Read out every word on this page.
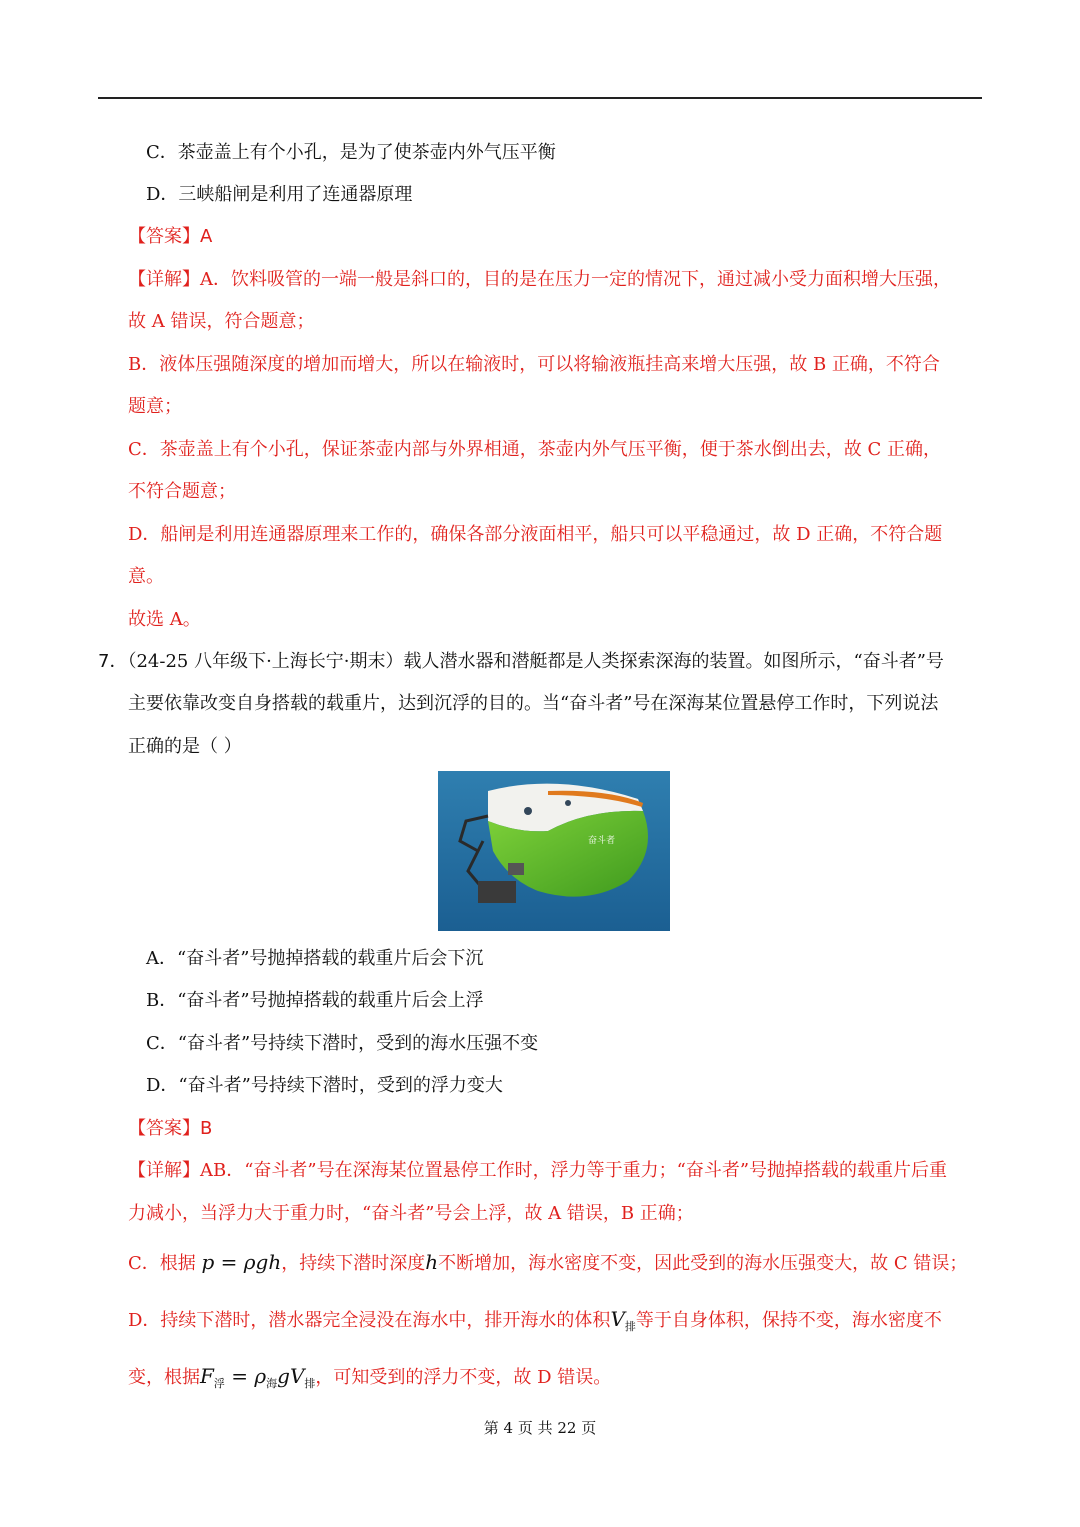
C．茶壶盖上有个小孔，是为了使茶壶内外气压平衡
D．三峡船闸是利用了连通器原理
【答案】A
【详解】A．饮料吸管的一端一般是斜口的，目的是在压力一定的情况下，通过减小受力面积增大压强，
故 A 错误，符合题意；
B．液体压强随深度的增加而增大，所以在输液时，可以将输液瓶挂高来增大压强，故 B 正确，不符合
题意；
C．茶壶盖上有个小孔，保证茶壶内部与外界相通，茶壶内外气压平衡，便于茶水倒出去，故 C 正确，
不符合题意；
D．船闸是利用连通器原理来工作的，确保各部分液面相平，船只可以平稳通过，故 D 正确，不符合题
意。
故选 A。
7．（24-25 八年级下·上海长宁·期末）载人潜水器和潜艇都是人类探索深海的装置。如图所示，“奋斗者”号
主要依靠改变自身搭载的载重片，达到沉浮的目的。当“奋斗者”号在深海某位置悬停工作时，下列说法
正确的是（ ）
奋斗者
A．“奋斗者”号抛掉搭载的载重片后会下沉
B．“奋斗者”号抛掉搭载的载重片后会上浮
C．“奋斗者”号持续下潜时，受到的海水压强不变
D．“奋斗者”号持续下潜时，受到的浮力变大
【答案】B
【详解】AB．“奋斗者”号在深海某位置悬停工作时，浮力等于重力；“奋斗者”号抛掉搭载的载重片后重
力减小，当浮力大于重力时，“奋斗者”号会上浮，故 A 错误，B 正确；
C．根据 p = ρgh，持续下潜时深度h不断增加，海水密度不变，因此受到的海水压强变大，故 C 错误；
D．持续下潜时，潜水器完全浸没在海水中，排开海水的体积$V_排$等于自身体积，保持不变，海水密度不
变，根据$F_浮 = \rho_海gV_排$，可知受到的浮力不变，故 D 错误。
第 4 页 共 22 页
